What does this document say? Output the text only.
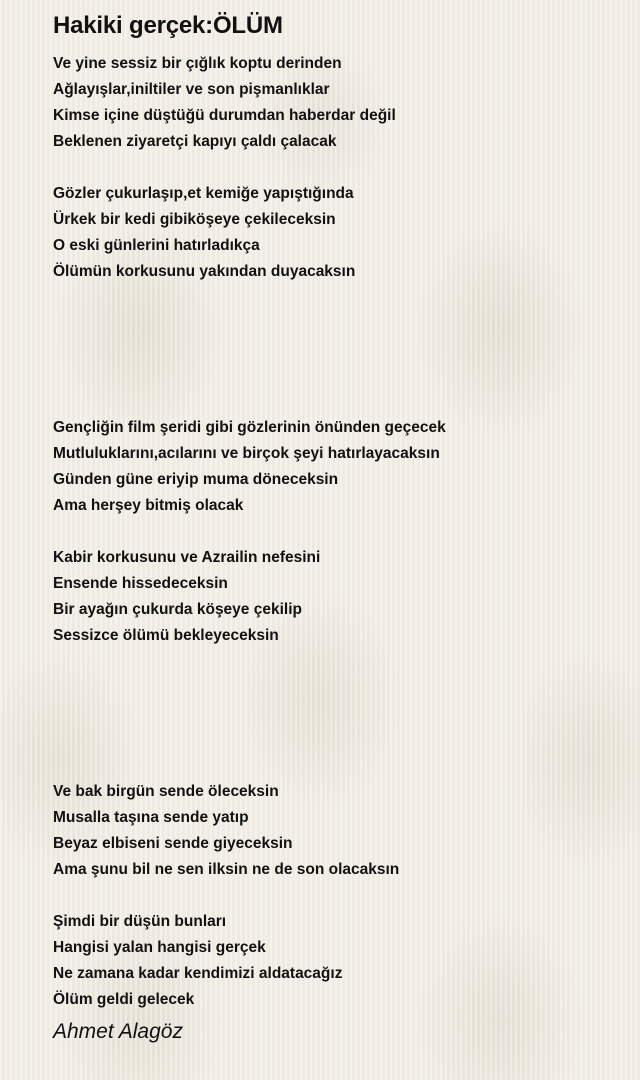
Hakiki gerçek:ÖLÜM
Ve yine sessiz bir çığlık koptu derinden
Ağlayışlar,iniltiler ve son pişmanlıklar
Kimse içine düştüğü durumdan haberdar değil
Beklenen ziyaretçi kapıyı çaldı çalacak
Gözler çukurlaşıp,et kemiğe yapıştığında
Ürkek bir kedi gibiköşeye çekileceksin
O eski günlerini hatırladıkça
Ölümün korkusunu yakından duyacaksın
Gençliğin film şeridi gibi gözlerinin önünden geçecek
Mutluluklarını,acılarını ve birçok şeyi hatırlayacaksın
Günden güne eriyip muma döneceksin
Ama herşey bitmiş olacak
Kabir korkusunu ve Azrailin nefesini
Ensende hissedeceksin
Bir ayağın çukurda köşeye çekilip
Sessizce ölümü bekleyeceksin
Ve bak birgün sende öleceksin
Musalla taşına sende yatıp
Beyaz elbiseni sende giyeceksin
Ama şunu bil ne sen ilksin ne de son olacaksın
Şimdi bir düşün bunları
Hangisi yalan hangisi gerçek
Ne zamana kadar kendimizi aldatacağız
Ölüm geldi gelecek
Ahmet Alagöz
